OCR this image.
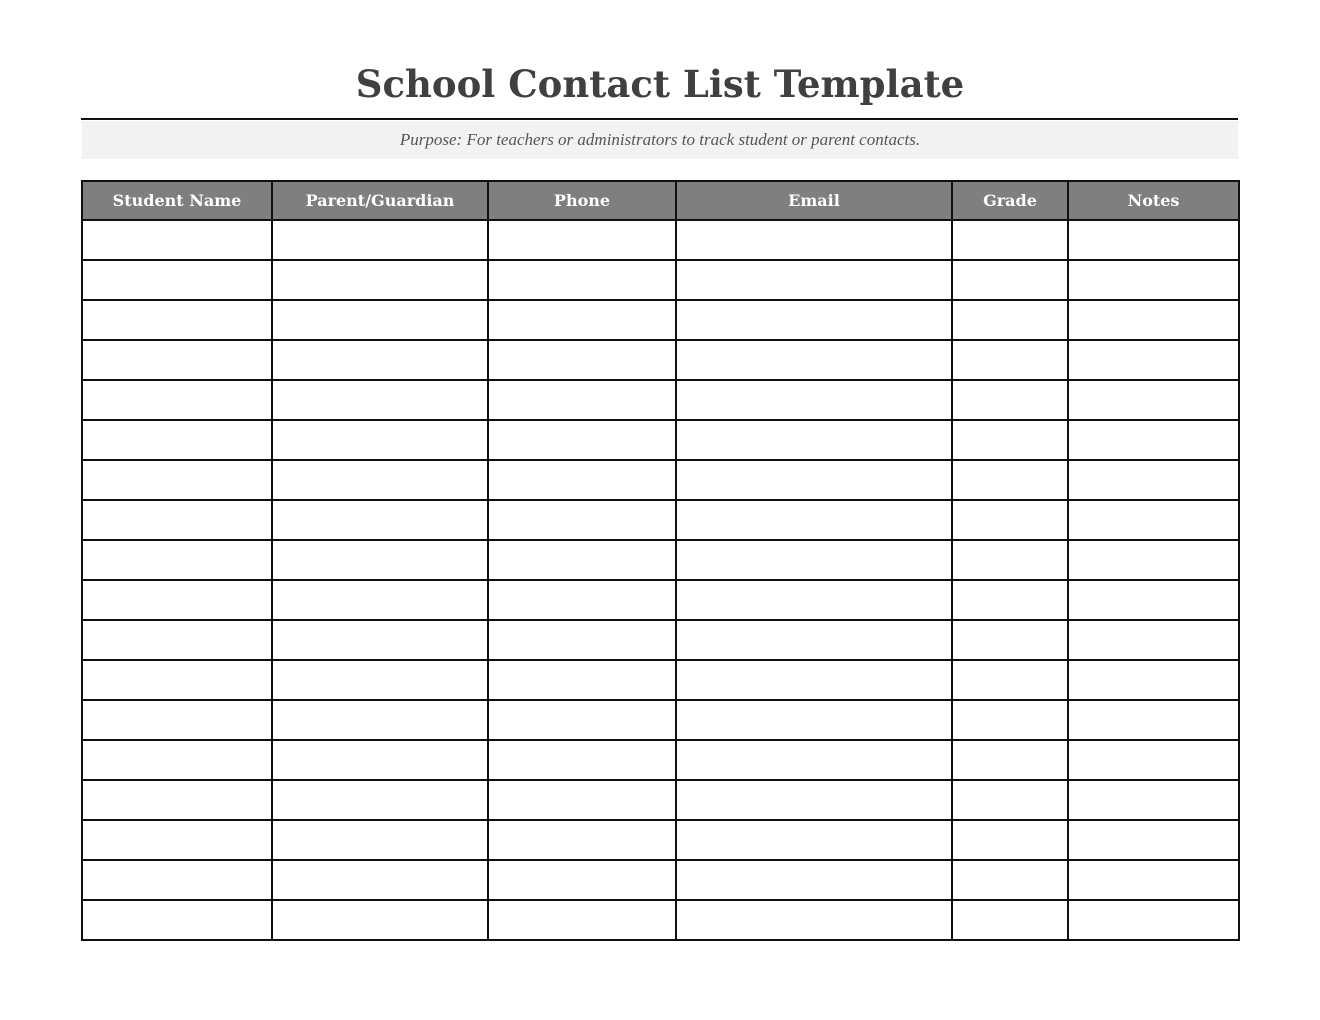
School Contact List Template
Purpose: For teachers or administrators to track student or parent contacts.
Student Name	Parent/Guardian	Phone	Email	Grade	Notes
